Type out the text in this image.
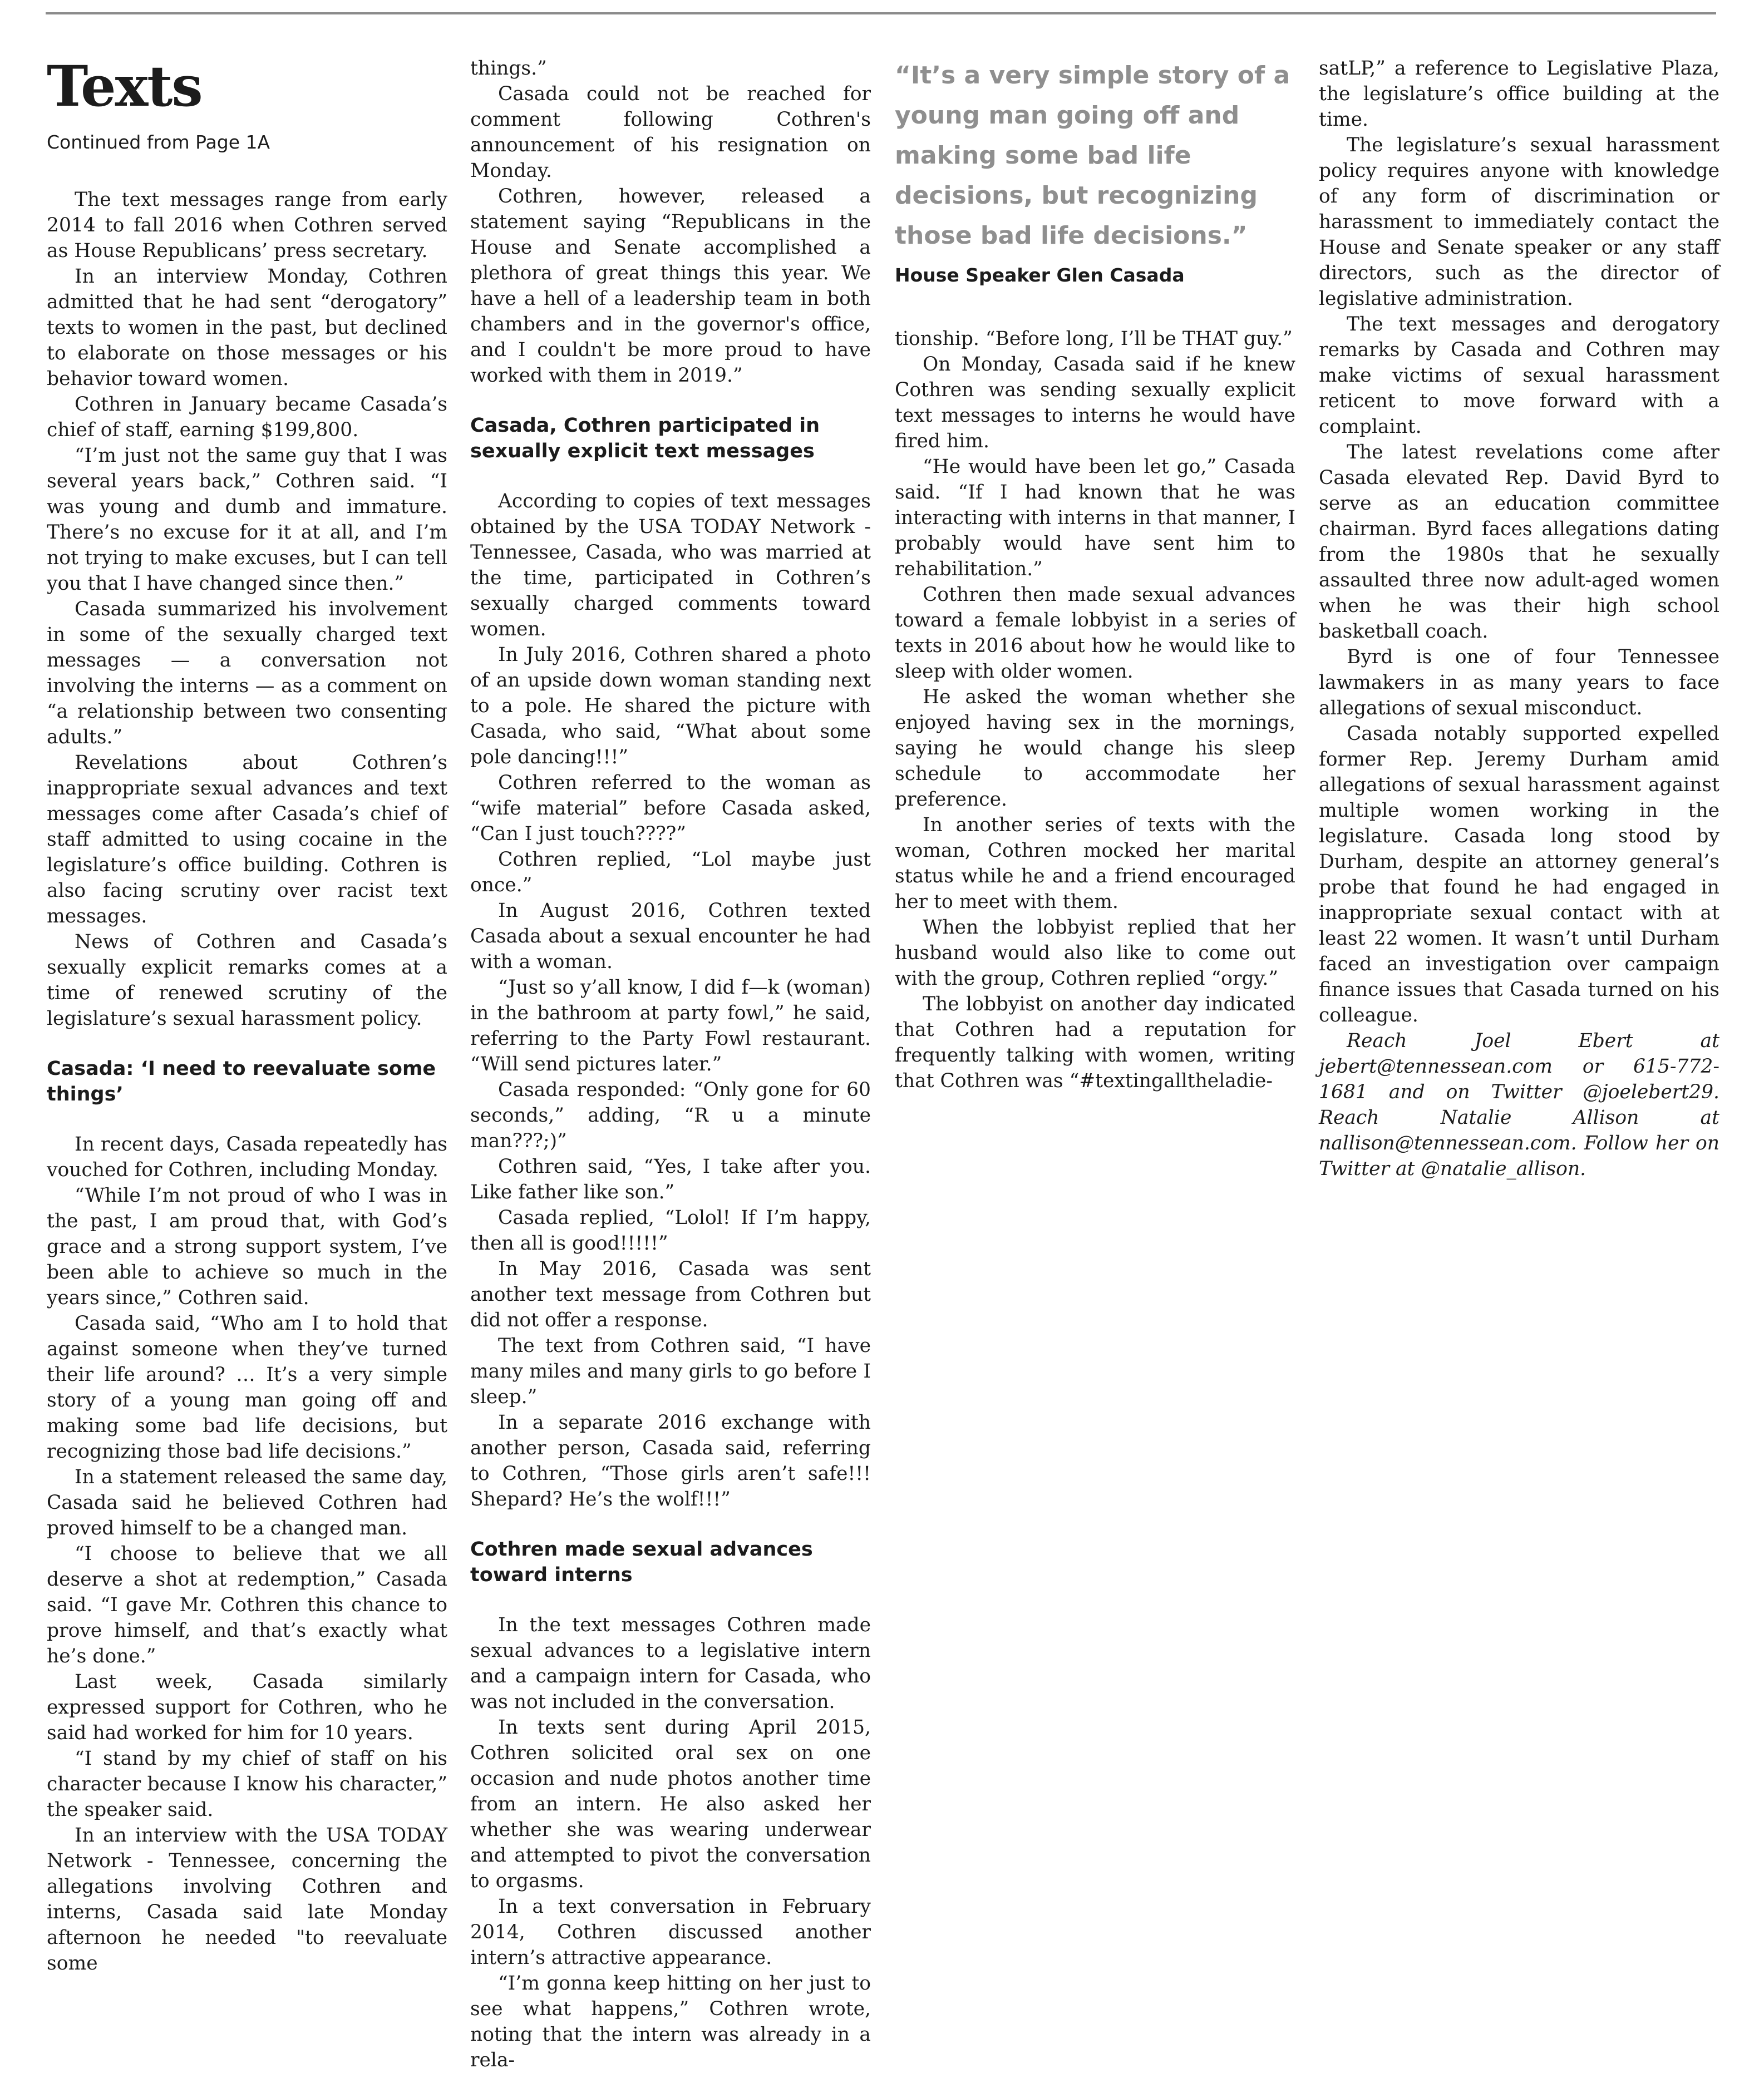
Texts
Continued from Page 1A

The text messages range from early 2014 to fall 2016 when Cothren served as House Republicans’ press secretary.

In an interview Monday, Cothren admitted that he had sent “derogatory” texts to women in the past, but declined to elaborate on those messages or his behavior toward women.

Cothren in January became Casada’s chief of staff, earning $199,800.

“I’m just not the same guy that I was several years back,” Cothren said. “I was young and dumb and immature. There’s no excuse for it at all, and I’m not trying to make excuses, but I can tell you that I have changed since then.”

Casada summarized his involvement in some of the sexually charged text messages — a conversation not involving the interns — as a comment on “a relationship between two consenting adults.”

Revelations about Cothren’s inappropriate sexual advances and text messages come after Casada’s chief of staff admitted to using cocaine in the legislature’s office building. Cothren is also facing scrutiny over racist text messages.

News of Cothren and Casada’s sexually explicit remarks comes at a time of renewed scrutiny of the legislature’s sexual harassment policy.

Casada: ‘I need to reevaluate some things’

In recent days, Casada repeatedly has vouched for Cothren, including Monday.

“While I’m not proud of who I was in the past, I am proud that, with God’s grace and a strong support system, I’ve been able to achieve so much in the years since,” Cothren said.

Casada said, “Who am I to hold that against someone when they’ve turned their life around? … It’s a very simple story of a young man going off and making some bad life decisions, but recognizing those bad life decisions.”

In a statement released the same day, Casada said he believed Cothren had proved himself to be a changed man.

“I choose to believe that we all deserve a shot at redemption,” Casada said. “I gave Mr. Cothren this chance to prove himself, and that’s exactly what he’s done.”

Last week, Casada similarly expressed support for Cothren, who he said had worked for him for 10 years.

“I stand by my chief of staff on his character because I know his character,” the speaker said.

In an interview with the USA TODAY Network - Tennessee, concerning the allegations involving Cothren and interns, Casada said late Monday afternoon he needed "to reevaluate some

things.”

Casada could not be reached for comment following Cothren's announcement of his resignation on Monday.

Cothren, however, released a statement saying “Republicans in the House and Senate accomplished a plethora of great things this year. We have a hell of a leadership team in both chambers and in the governor's office, and I couldn't be more proud to have worked with them in 2019.”

Casada, Cothren participated in sexually explicit text messages

According to copies of text messages obtained by the USA TODAY Network - Tennessee, Casada, who was married at the time, participated in Cothren’s sexually charged comments toward women.

In July 2016, Cothren shared a photo of an upside down woman standing next to a pole. He shared the picture with Casada, who said, “What about some pole dancing!!!”

Cothren referred to the woman as “wife material” before Casada asked, “Can I just touch????”

Cothren replied, “Lol maybe just once.”

In August 2016, Cothren texted Casada about a sexual encounter he had with a woman.

“Just so y’all know, I did f—k (woman) in the bathroom at party fowl,” he said, referring to the Party Fowl restaurant. “Will send pictures later.”

Casada responded: “Only gone for 60 seconds,” adding, “R u a minute man???;)”

Cothren said, “Yes, I take after you. Like father like son.”

Casada replied, “Lolol! If I’m happy, then all is good!!!!!”

In May 2016, Casada was sent another text message from Cothren but did not offer a response.

The text from Cothren said, “I have many miles and many girls to go before I sleep.”

In a separate 2016 exchange with another person, Casada said, referring to Cothren, “Those girls aren’t safe!!! Shepard? He’s the wolf!!!”

Cothren made sexual advances toward interns

In the text messages Cothren made sexual advances to a legislative intern and a campaign intern for Casada, who was not included in the conversation.

In texts sent during April 2015, Cothren solicited oral sex on one occasion and nude photos another time from an intern. He also asked her whether she was wearing underwear and attempted to pivot the conversation to orgasms.

In a text conversation in February 2014, Cothren discussed another intern’s attractive appearance.

“I’m gonna keep hitting on her just to see what happens,” Cothren wrote, noting that the intern was already in a rela-

“It’s a very simple story of a young man going off and making some bad life decisions, but recognizing those bad life decisions.”
House Speaker Glen Casada

tionship. “Before long, I’ll be THAT guy.”

On Monday, Casada said if he knew Cothren was sending sexually explicit text messages to interns he would have fired him.

“He would have been let go,” Casada said. “If I had known that he was interacting with interns in that manner, I probably would have sent him to rehabilitation.”

Cothren then made sexual advances toward a female lobbyist in a series of texts in 2016 about how he would like to sleep with older women.

He asked the woman whether she enjoyed having sex in the mornings, saying he would change his sleep schedule to accommodate her preference.

In another series of texts with the woman, Cothren mocked her marital status while he and a friend encouraged her to meet with them.

When the lobbyist replied that her husband would also like to come out with the group, Cothren replied “orgy.”

The lobbyist on another day indicated that Cothren had a reputation for frequently talking with women, writing that Cothren was “#textingalltheladie-

satLP,” a reference to Legislative Plaza, the legislature’s office building at the time.

The legislature’s sexual harassment policy requires anyone with knowledge of any form of discrimination or harassment to immediately contact the House and Senate speaker or any staff directors, such as the director of legislative administration.

The text messages and derogatory remarks by Casada and Cothren may make victims of sexual harassment reticent to move forward with a complaint.

The latest revelations come after Casada elevated Rep. David Byrd to serve as an education committee chairman. Byrd faces allegations dating from the 1980s that he sexually assaulted three now adult-aged women when he was their high school basketball coach.

Byrd is one of four Tennessee lawmakers in as many years to face allegations of sexual misconduct.

Casada notably supported expelled former Rep. Jeremy Durham amid allegations of sexual harassment against multiple women working in the legislature. Casada long stood by Durham, despite an attorney general’s probe that found he had engaged in inappropriate sexual contact with at least 22 women. It wasn’t until Durham faced an investigation over campaign finance issues that Casada turned on his colleague.

Reach Joel Ebert at jebert@tennessean.com or 615-772-1681 and on Twitter @joelebert29. Reach Natalie Allison at nallison@tennessean.com. Follow her on Twitter at @natalie_allison.
